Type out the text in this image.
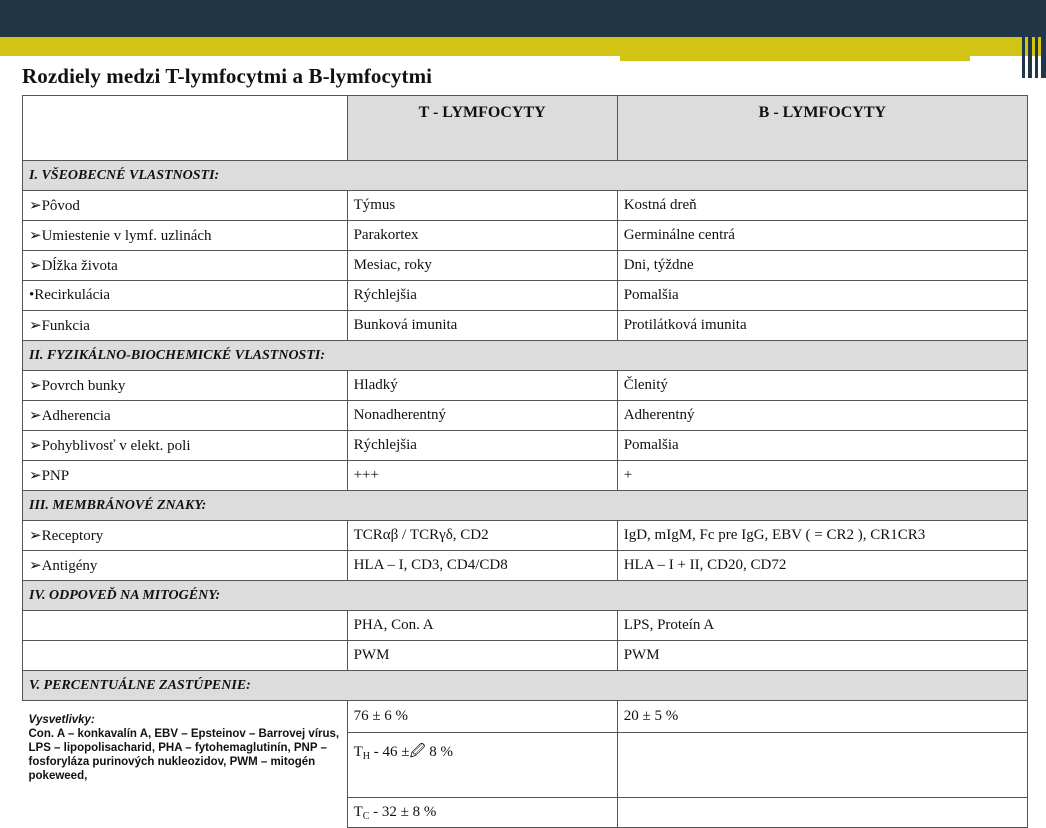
Rozdiely medzi T-lymfocytmi a B-lymfocytmi
	T - LYMFOCYTY	B - LYMFOCYTY
I. VŠEOBECNÉ VLASTNOSTI:		
➢Pôvod	Týmus	Kostná dreň
➢Umiestenie v lymf. uzlinách	Parakortex	Germinálne centrá
➢Dĺžka života	Mesiac, roky	Dni, týždne
•Recirkulácia	Rýchlejšia	Pomalšia
➢Funkcia	Bunková imunita	Protilátková imunita
II. FYZIKÁLNO-BIOCHEMICKÉ VLASTNOSTI:		
➢Povrch bunky	Hladký	Členitý
➢Adherencia	Nonadherentný	Adherentný
➢Pohyblivosť v elekt. poli	Rýchlejšia	Pomalšia
➢PNP	+++	+
III. MEMBRÁNOVÉ ZNAKY:		
➢Receptory	TCRαβ / TCRγδ, CD2	IgD, mIgM, Fc pre IgG, EBV ( = CR2 ), CR1CR3
➢Antigény	HLA – I, CD3, CD4/CD8	HLA – I + II, CD20, CD72
IV. ODPOVEĎ NA MITOGÉNY:		
	PHA, Con. A	LPS, Proteín A
	PWM	PWM
V. PERCENTUÁLNE ZASTÚPENIE:		

Vysvetlivky:
Con. A – konkavalín A, EBV – Epsteinov – Barrovej vírus, LPS – lipopolisacharid, PHA – fytohemaglutinín, PNP – fosforyláza purinových nukleozidov, PWM – mitogén pokeweed,	76 ± 6 %	20 ± 5 %
	$T_H - 46$ ±🖉 8 %	
	$T_C - 32 \pm 8$ %	
